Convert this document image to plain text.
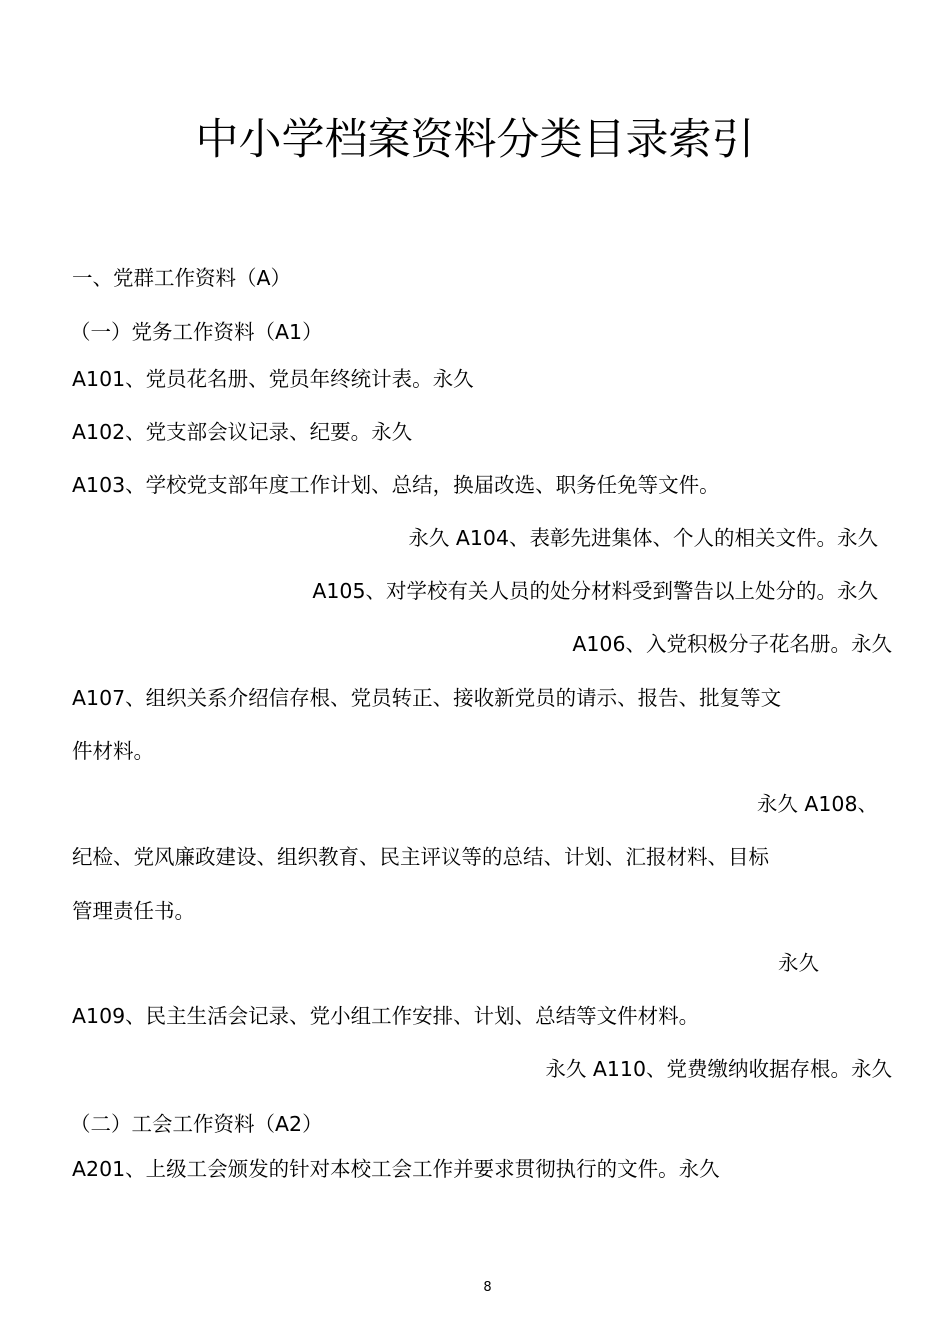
中小学档案资料分类目录索引
一、党群工作资料（A）
（一）党务工作资料（A1）
A101、党员花名册、党员年终统计表。永久
A102、党支部会议记录、纪要。永久
A103、学校党支部年度工作计划、总结，换届改选、职务任免等文件。
永久 A104、表彰先进集体、个人的相关文件。永久
A105、对学校有关人员的处分材料受到警告以上处分的。永久
A106、入党积极分子花名册。永久
A107、组织关系介绍信存根、党员转正、接收新党员的请示、报告、批复等文
件材料。
永久 A108、
纪检、党风廉政建设、组织教育、民主评议等的总结、计划、汇报材料、目标
管理责任书。
永久
A109、民主生活会记录、党小组工作安排、计划、总结等文件材料。
永久 A110、党费缴纳收据存根。永久
（二）工会工作资料（A2）
A201、上级工会颁发的针对本校工会工作并要求贯彻执行的文件。永久
8
